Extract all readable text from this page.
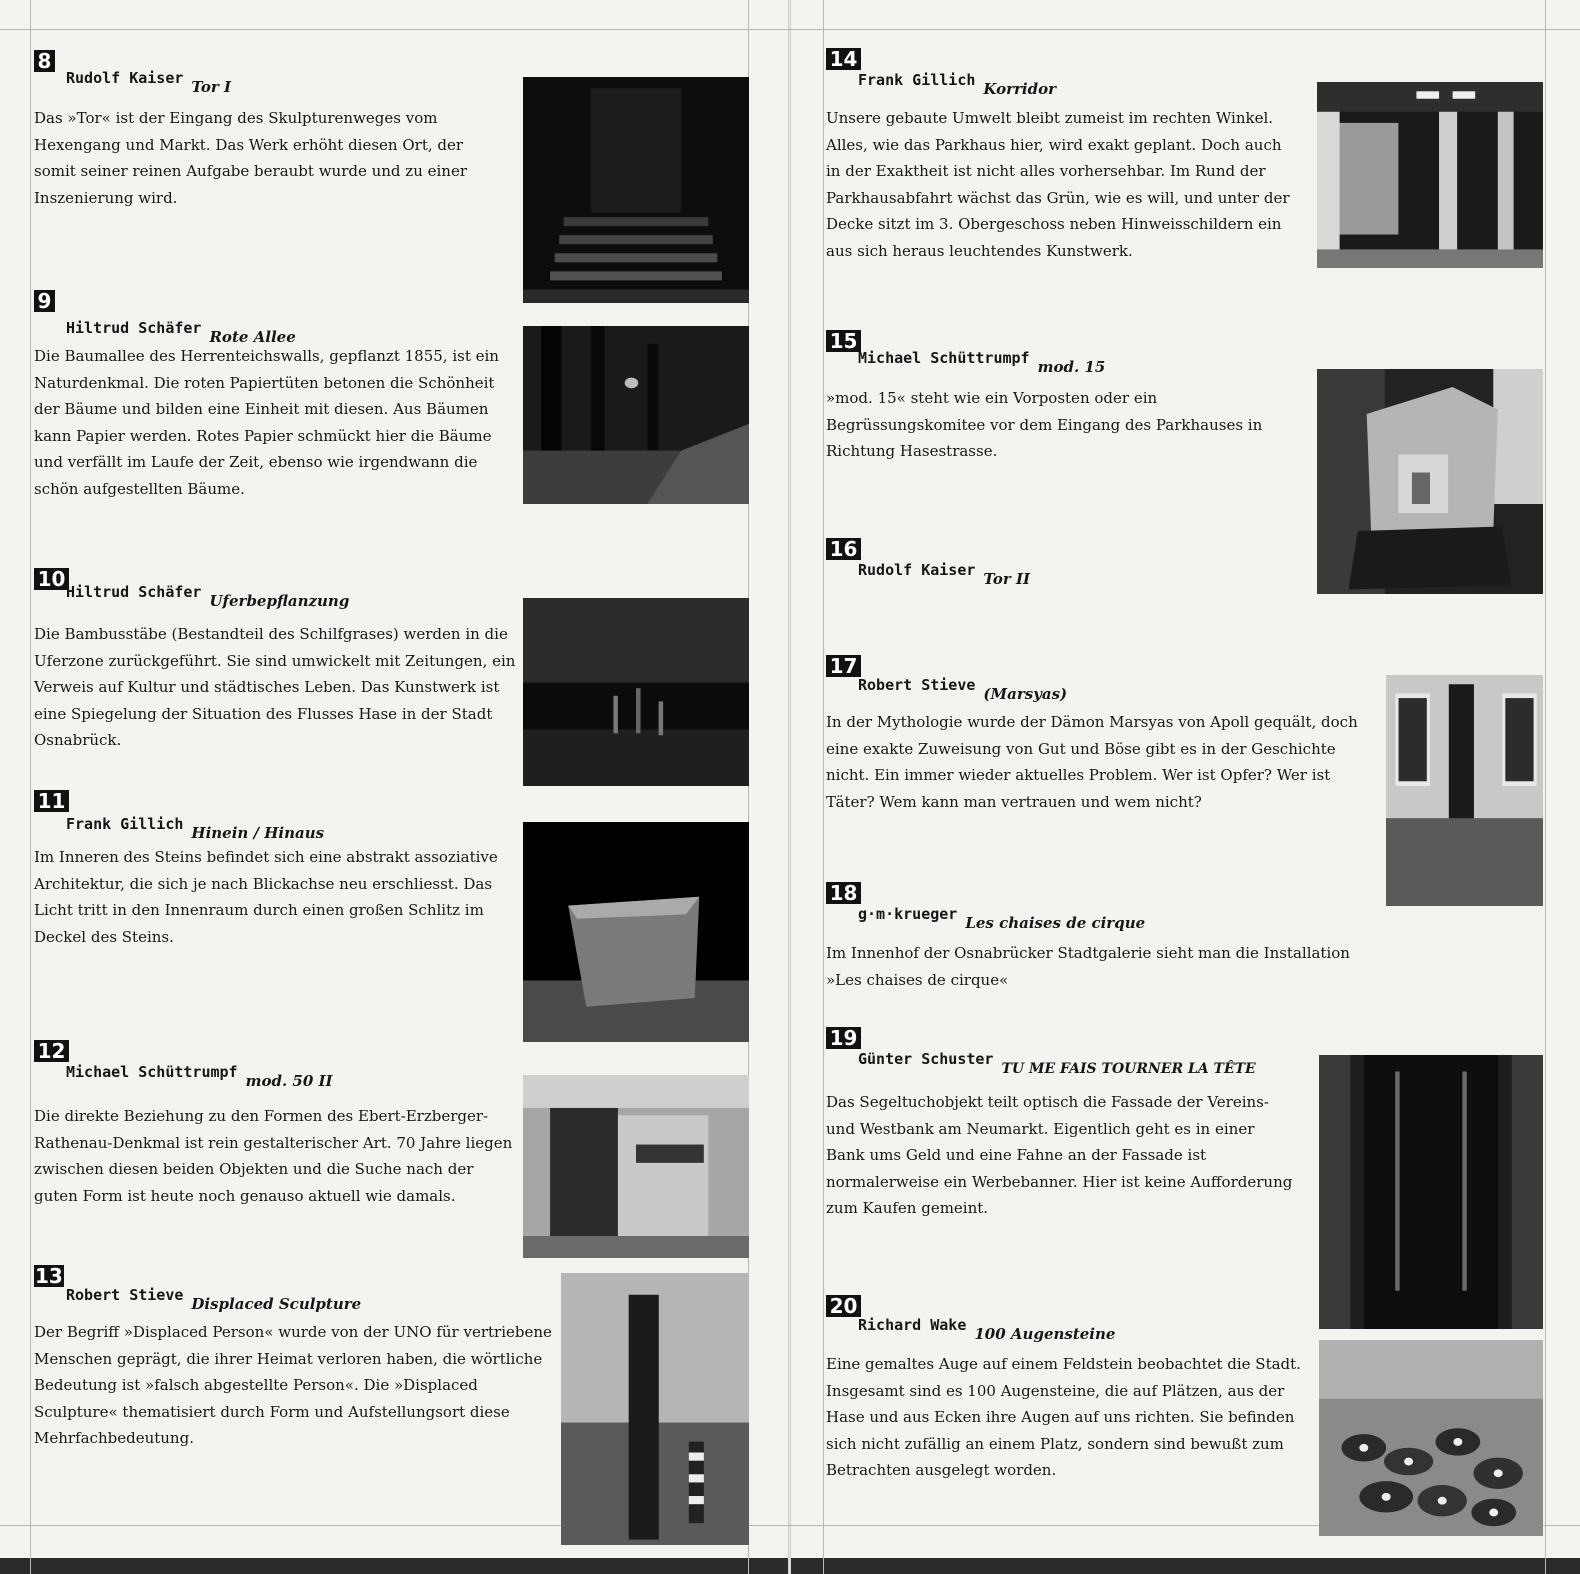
8
Rudolf Kaiser Tor I
Das »Tor« ist der Eingang des Skulpturenweges vom Hexengang und Markt. Das Werk erhöht diesen Ort, der somit seiner reinen Aufgabe beraubt wurde und zu einer Inszenierung wird.
9
Hiltrud Schäfer Rote Allee
Die Baumallee des Herrenteichswalls, gepflanzt 1855, ist ein Naturdenkmal. Die roten Papiertüten betonen die Schönheit der Bäume und bilden eine Einheit mit diesen. Aus Bäumen kann Papier werden. Rotes Papier schmückt hier die Bäume und verfällt im Laufe der Zeit, ebenso wie irgendwann die schön aufgestellten Bäume.
10
Hiltrud Schäfer Uferbepflanzung
Die Bambusstäbe (Bestandteil des Schilfgrases) werden in die Uferzone zurückgeführt. Sie sind umwickelt mit Zeitungen, ein Verweis auf Kultur und städtisches Leben. Das Kunstwerk ist eine Spiegelung der Situation des Flusses Hase in der Stadt Osnabrück.
11
Frank Gillich Hinein / Hinaus
Im Inneren des Steins befindet sich eine abstrakt assoziative Architektur, die sich je nach Blickachse neu erschliesst. Das Licht tritt in den Innenraum durch einen großen Schlitz im Deckel des Steins.
12
Michael Schüttrumpf mod. 50 II
Die direkte Beziehung zu den Formen des Ebert-Erzberger-Rathenau-Denkmal ist rein gestalterischer Art. 70 Jahre liegen zwischen diesen beiden Objekten und die Suche nach der guten Form ist heute noch genauso aktuell wie damals.
13
Robert Stieve Displaced Sculpture
Der Begriff »Displaced Person« wurde von der UNO für vertriebene Menschen geprägt, die ihrer Heimat verloren haben, die wörtliche Bedeutung ist »falsch abgestellte Person«. Die »Displaced Sculpture« thematisiert durch Form und Aufstellungsort diese Mehrfachbedeutung.
14
Frank Gillich Korridor
Unsere gebaute Umwelt bleibt zumeist im rechten Winkel. Alles, wie das Parkhaus hier, wird exakt geplant. Doch auch in der Exaktheit ist nicht alles vorhersehbar. Im Rund der Parkhausabfahrt wächst das Grün, wie es will, und unter der Decke sitzt im 3. Obergeschoss neben Hinweisschildern ein aus sich heraus leuchtendes Kunstwerk.
15
Michael Schüttrumpf mod. 15
»mod. 15« steht wie ein Vorposten oder ein Begrüssungskomitee vor dem Eingang des Parkhauses in Richtung Hasestrasse.
16
Rudolf Kaiser Tor II
17
Robert Stieve (Marsyas)
In der Mythologie wurde der Dämon Marsyas von Apoll gequält, doch eine exakte Zuweisung von Gut und Böse gibt es in der Geschichte nicht. Ein immer wieder aktuelles Problem. Wer ist Opfer? Wer ist Täter? Wem kann man vertrauen und wem nicht?
18
g·m·krueger Les chaises de cirque
Im Innenhof der Osnabrücker Stadtgalerie sieht man die Installation »Les chaises de cirque«
19
Günter SchusterTU ME FAIS TOURNER LA TÊTE
Das Segeltuchobjekt teilt optisch die Fassade der Vereins- und Westbank am Neumarkt. Eigentlich geht es in einer Bank ums Geld und eine Fahne an der Fassade ist normalerweise ein Werbebanner. Hier ist keine Aufforderung zum Kaufen gemeint.
20
Richard Wake 100 Augensteine
Eine gemaltes Auge auf einem Feldstein beobachtet die Stadt. Insgesamt sind es 100 Augensteine, die auf Plätzen, aus der Hase und aus Ecken ihre Augen auf uns richten. Sie befinden sich nicht zufällig an einem Platz, sondern sind bewußt zum Betrachten ausgelegt worden.
